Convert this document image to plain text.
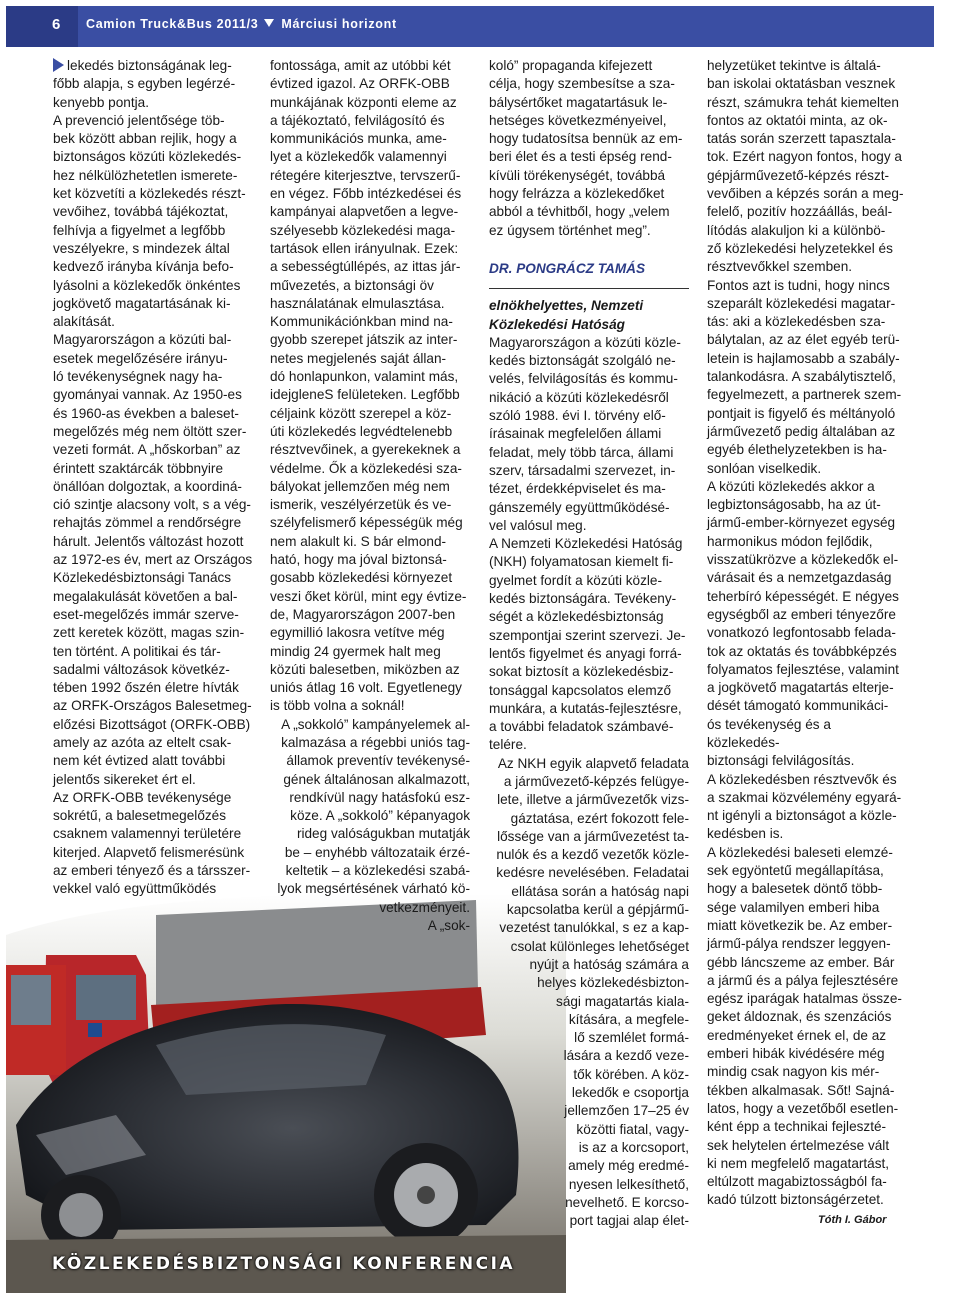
6 Camion Truck&Bus 2011/3 Márciusi horizont

lekedés biztonságának leg-
főbb alapja, s egyben legérzé-
kenyebb pontja.

A prevenció jelentősége töb-
bek között abban rejlik, hogy a
biztonságos közúti közlekedés-
hez nélkülözhetetlen ismerete-
ket közvetíti a közlekedés részt-
vevőihez, továbbá tájékoztat,
felhívja a figyelmet a legfőbb
veszélyekre, s mindezek által
kedvező irányba kívánja befo-
lyásolni a közlekedők önkéntes
jogkövető magatartásának ki-
alakítását.

Magyarországon a közúti bal-
esetek megelőzésére irányu-
ló tevékenységnek nagy ha-
gyományai vannak. Az 1950-es
és 1960-as években a baleset-
megelőzés még nem öltött szer-
vezeti formát. A „hőskorban” az
érintett szaktárcák többnyire
önállóan dolgoztak, a koordiná-
ció szintje alacsony volt, s a vég-
rehajtás zömmel a rendőrségre
hárult. Jelentős változást hozott
az 1972-es év, mert az Országos
Közlekedésbiztonsági Tanács
megalakulását követően a bal-
eset-megelőzés immár szerve-
zett keretek között, magas szin-
ten történt. A politikai és tár-
sadalmi változások követkéz-
tében 1992 őszén életre hívták
az ORFK-Országos Balesetmeg-
előzési Bizottságot (ORFK-OBB)
amely az azóta az eltelt csak-
nem két évtized alatt további
jelentős sikereket ért el.

Az ORFK-OBB tevékenysége
sokrétű, a balesetmegelőzés
csaknem valamennyi területére
kiterjed. Alapvető felismerésünk
az emberi tényező és a társszer-
vekkel való együttműködés

fontossága, amit az utóbbi két
évtized igazol. Az ORFK-OBB
munkájának központi eleme az
a tájékoztató, felvilágosító és
kommunikációs munka, ame-
lyet a közlekedők valamennyi
rétegére kiterjesztve, tervszerű-
en végez. Főbb intézkedései és
kampányai alapvetően a legve-
szélyesebb közlekedési maga-
tartások ellen irányulnak. Ezek:
a sebességtúllépés, az ittas jár-
művezetés, a biztonsági öv
használatának elmulasztása.

Kommunikációnkban mind na-
gyobb szerepet játszik az inter-
netes megjelenés saját állan-
dó honlapunkon, valamint más,
idejgleneS felületeken. Legfőbb
céljaink között szerepel a köz-
úti közlekedés legvédtelenebb
résztvevőinek, a gyerekeknek a
védelme. Ők a közlekedési sza-
bályokat jellemzően még nem
ismerik, veszélyérzetük és ve-
szélyfelismerő képességük még
nem alakult ki. S bár elmond-
ható, hogy ma jóval biztonsá-
gosabb közlekedési környezet
veszi őket körül, mint egy évtize-
de, Magyarországon 2007-ben
egymillió lakosra vetítve még
mindig 24 gyermek halt meg
közúti balesetben, miközben az
uniós átlag 16 volt. Egyetlenegy
is több volna a soknál!

A „sokkoló” kampányelemek al-
kalmazása a régebbi uniós tag-
államok preventív tevékenysé-
gének általánosan alkalmazott,
rendkívül nagy hatásfokú esz-
köze. A „sokkoló” képanyagok
rideg valóságukban mutatják
be – enyhébb változataik érzé-
keltetik – a közlekedési szabá-
lyok megsértésének várható kö-
vetkezményeit.
A „sok-

koló” propaganda kifejezett
célja, hogy szembesítse a sza-
bálysértőket magatartásuk le-
hetséges következményeivel,
hogy tudatosítsa bennük az em-
beri élet és a testi épség rend-
kívüli törékenységét, továbbá
hogy felrázza a közlekedőket
abból a tévhitből, hogy „velem
ez úgysem történhet meg”.

DR. PONGRÁCZ TAMÁS

elnökhelyettes, Nemzeti
Közlekedési Hatóság

Magyarországon a közúti közle-
kedés biztonságát szolgáló ne-
velés, felvilágosítás és kommu-
nikáció a közúti közlekedésről
szóló 1988. évi I. törvény elő-
írásainak megfelelően állami
feladat, mely több tárca, állami
szerv, társadalmi szervezet, in-
tézet, érdekképviselet és ma-
gánszemély együttműködésé-
vel valósul meg.

A Nemzeti Közlekedési Hatóság
(NKH) folyamatosan kiemelt fi-
gyelmet fordít a közúti közle-
kedés biztonságára. Tevékeny-
ségét a közlekedésbiztonság
szempontjai szerint szervezi. Je-
lentős figyelmet és anyagi forrá-
sokat biztosít a közlekedésbiz-
tonsággal kapcsolatos elemző
munkára, a kutatás-fejlesztésre,
a további feladatok számbavé-
telére.

Az NKH egyik alapvető feladata
a járművezető-képzés felügye-
lete, illetve a járművezetők vizs-
gáztatása, ezért fokozott fele-
lőssége van a járművezetést ta-
nulók és a kezdő vezetők közle-
kedésre nevelésében. Feladatai
ellátása során a hatóság napi
kapcsolatba kerül a gépjármű-
vezetést tanulókkal, s ez a kap-
csolat különleges lehetőséget
nyújt a hatóság számára a
helyes közlekedésbizton-
sági magatartás kiala-
kítására, a megfele-
lő szemlélet formá-
lására a kezdő veze-
tők körében. A köz-
lekedők e csoportja
jellemzően 17–25 év
közötti fiatal, vagy-
is az a korcsoport,
amely még eredmé-
nyesen lelkesíthető,
nevelhető. E korcso-
port tagjai alap élet-

helyzetüket tekintve is általá-
ban iskolai oktatásban vesznek
részt, számukra tehát kiemelten
fontos az oktatói minta, az ok-
tatás során szerzett tapasztala-
tok. Ezért nagyon fontos, hogy a
gépjárművezető-képzés részt-
vevőiben a képzés során a meg-
felelő, pozitív hozzáállás, beál-
lítódás alakuljon ki a különbö-
ző közlekedési helyzetekkel és
résztvevőkkel szemben.

Fontos azt is tudni, hogy nincs
szeparált közlekedési magatar-
tás: aki a közlekedésben sza-
bálytalan, az az élet egyéb terü-
letein is hajlamosabb a szabály-
talankodásra. A szabálytisztelő,
fegyelmezett, a partnerek szem-
pontjait is figyelő és méltányoló
járművezető pedig általában az
egyéb élethelyzetekben is ha-
sonlóan viselkedik.

A közúti közlekedés akkor a
legbiztonságosabb, ha az út-
jármű-ember-környezet egység
harmonikus módon fejlődik,
visszatükrözve a közlekedők el-
várásait és a nemzetgazdaság
teherbíró képességét. E négyes
egységből az emberi tényezőre
vonatkozó legfontosabb felada-
tok az oktatás és továbbképzés
folyamatos fejlesztése, valamint
a jogkövető magatartás elterje-
dését támogató kommunikáci-
ós tevékenység és a közlekedés-
biztonsági felvilágosítás.

A közlekedésben résztvevők és
a szakmai közvélemény egyará-
nt igényli a biztonságot a közle-
kedésben is.

A közlekedési baleseti elemzé-
sek egyöntetű megállapítása,
hogy a balesetek döntő több-
sége valamilyen emberi hiba
miatt következik be. Az ember-
jármű-pálya rendszer leggyen-
gébb láncszeme az ember. Bár
a jármű és a pálya fejlesztésére
egész iparágak hatalmas össze-
geket áldoznak, és szenzációs
eredményeket érnek el, de az
emberi hibák kivédésére még
mindig csak nagyon kis mér-
tékben alkalmasak. Sőt! Sajná-
latos, hogy a vezetőből esetlen-
ként épp a technikai fejleszté-
sek helytelen értelmezése vált
ki nem megfelelő magatartást,
eltúlzott magabiztosságból fa-
kadó túlzott biztonságérzetet.

Tóth I. Gábor
KÖZLEKEDÉSBIZTONSÁGI KONFERENCIA
